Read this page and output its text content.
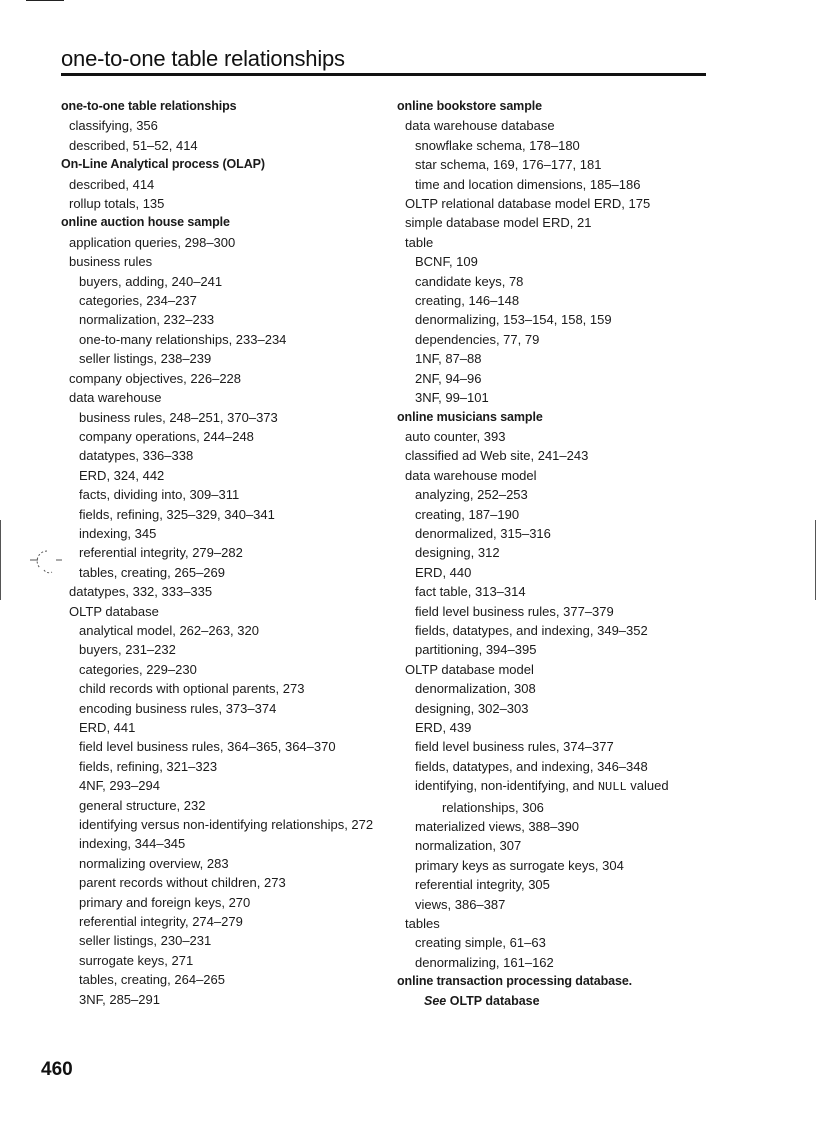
one-to-one table relationships
one-to-one table relationships
classifying, 356
described, 51–52, 414
On-Line Analytical process (OLAP)
described, 414
rollup totals, 135
online auction house sample
application queries, 298–300
business rules
buyers, adding, 240–241
categories, 234–237
normalization, 232–233
one-to-many relationships, 233–234
seller listings, 238–239
company objectives, 226–228
data warehouse
business rules, 248–251, 370–373
company operations, 244–248
datatypes, 336–338
ERD, 324, 442
facts, dividing into, 309–311
fields, refining, 325–329, 340–341
indexing, 345
referential integrity, 279–282
tables, creating, 265–269
datatypes, 332, 333–335
OLTP database
analytical model, 262–263, 320
buyers, 231–232
categories, 229–230
child records with optional parents, 273
encoding business rules, 373–374
ERD, 441
field level business rules, 364–365, 364–370
fields, refining, 321–323
4NF, 293–294
general structure, 232
identifying versus non-identifying relationships, 272
indexing, 344–345
normalizing overview, 283
parent records without children, 273
primary and foreign keys, 270
referential integrity, 274–279
seller listings, 230–231
surrogate keys, 271
tables, creating, 264–265
3NF, 285–291
online bookstore sample
data warehouse database
snowflake schema, 178–180
star schema, 169, 176–177, 181
time and location dimensions, 185–186
OLTP relational database model ERD, 175
simple database model ERD, 21
table
BCNF, 109
candidate keys, 78
creating, 146–148
denormalizing, 153–154, 158, 159
dependencies, 77, 79
1NF, 87–88
2NF, 94–96
3NF, 99–101
online musicians sample
auto counter, 393
classified ad Web site, 241–243
data warehouse model
analyzing, 252–253
creating, 187–190
denormalized, 315–316
designing, 312
ERD, 440
fact table, 313–314
field level business rules, 377–379
fields, datatypes, and indexing, 349–352
partitioning, 394–395
OLTP database model
denormalization, 308
designing, 302–303
ERD, 439
field level business rules, 374–377
fields, datatypes, and indexing, 346–348
identifying, non-identifying, and NULL valued
relationships, 306
materialized views, 388–390
normalization, 307
primary keys as surrogate keys, 304
referential integrity, 305
views, 386–387
tables
creating simple, 61–63
denormalizing, 161–162
online transaction processing database.
See OLTP database
460
